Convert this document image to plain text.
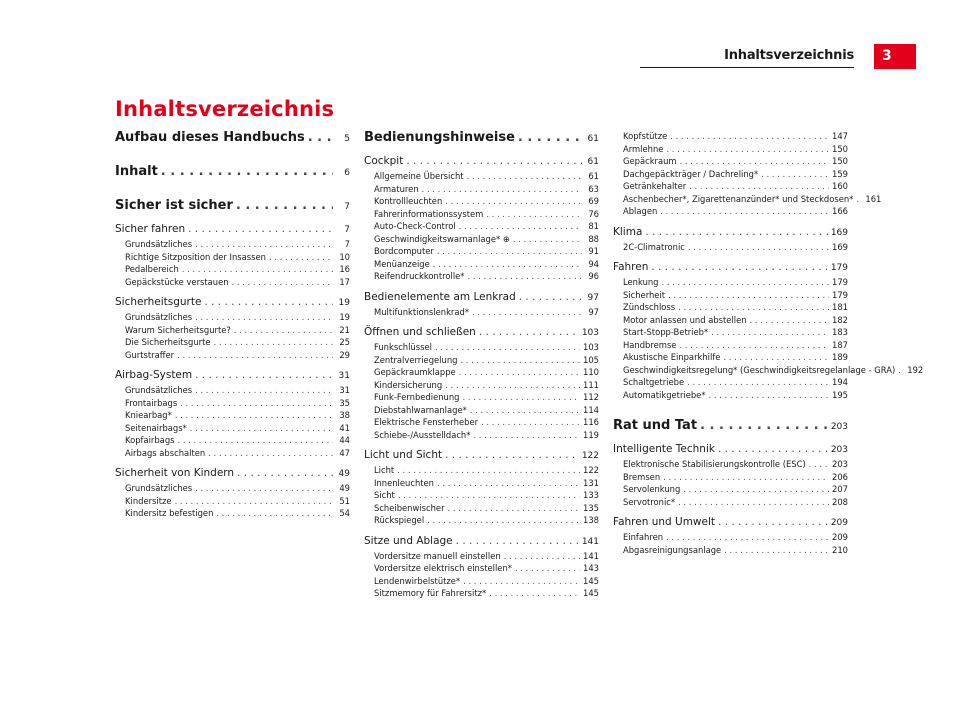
Inhaltsverzeichnis	3
Inhaltsverzeichnis
Aufbau dieses Handbuchs . . .	5
Inhalt . . .	6
Sicher ist sicher . . .	7
Sicher fahren . . .	7
Grundsätzliches . . .	7
Richtige Sitzposition der Insassen . . .	10
Pedalbereich . . .	16
Gepäckstücke verstauen . . .	17
Sicherheitsgurte . . .	19
Grundsätzliches . . .	19
Warum Sicherheitsgurte? . . .	21
Die Sicherheitsgurte . . .	25
Gurtstraffer . . .	29
Airbag-System . . .	31
Grundsätzliches . . .	31
Frontairbags . . .	35
Kniearbag* . . .	38
Seitenairbags* . . .	41
Kopfairbags . . .	44
Airbags abschalten . . .	47
Sicherheit von Kindern . . .	49
Grundsätzliches . . .	49
Kindersitze . . .	51
Kindersitz befestigen . . .	54
Bedienungshinweise . . .	61
Cockpit . . .	61
Allgemeine Übersicht . . .	61
Armaturen . . .	63
Kontrollleuchten . . .	69
Fahrerinformationssystem . . .	76
Auto-Check-Control . . .	81
Geschwindigkeitswarnanlage* ⊕ . . .	88
Bordcomputer . . .	91
Menüanzeige . . .	94
Reifendruckkontrolle* . . .	96
Bedienelemente am Lenkrad . . .	97
Multifunktionslenkrad* . . .	97
Öffnen und schließen . . .	103
Funkschlüssel . . .	103
Zentralverriegelung . . .	105
Gepäckraumklappe . . .	110
Kindersicherung . . .	111
Funk-Fernbedienung . . .	112
Diebstahlwarnanlage* . . .	114
Elektrische Fensterheber . . .	116
Schiebe-/Ausstelldach* . . .	119
Licht und Sicht . . .	122
Licht . . .	122
Innenleuchten . . .	131
Sicht . . .	133
Scheibenwischer . . .	135
Rückspiegel . . .	138
Sitze und Ablage . . .	141
Vordersitze manuell einstellen . . .	141
Vordersitze elektrisch einstellen* . . .	143
Lendenwirbelstütze* . . .	145
Sitzmemory für Fahrersitz* . . .	145
Kopfstütze . . .	147
Armlehne . . .	150
Gepäckraum . . .	150
Dachgepäckträger / Dachreling* . . .	159
Getränkehalter . . .	160
Aschenbecher*, Zigarettenanzünder* und Steckdosen* . . . 161
Ablagen . . .	166
Klima . . .	169
2C-Climatronic . . .	169
Fahren . . .	179
Lenkung . . .	179
Sicherheit . . .	179
Zündschloss . . .	181
Motor anlassen und abstellen . . .	182
Start-Stopp-Betrieb* . . .	183
Handbremse . . .	187
Akustische Einparkhilfe . . .	189
Geschwindigkeitsregelung* (Geschwindigkeitsregelanlage - GRA) . . . 192
Schaltgetriebe . . .	194
Automatikgetriebe* . . .	195
Rat und Tat . . .	203
Intelligente Technik . . .	203
Elektronische Stabilisierungskontrolle (ESC) . . .	203
Bremsen . . .	206
Servolenkung . . .	207
Servotronic* . . .	208
Fahren und Umwelt . . .	209
Einfahren . . .	209
Abgasreinigungsanlage . . .	210
